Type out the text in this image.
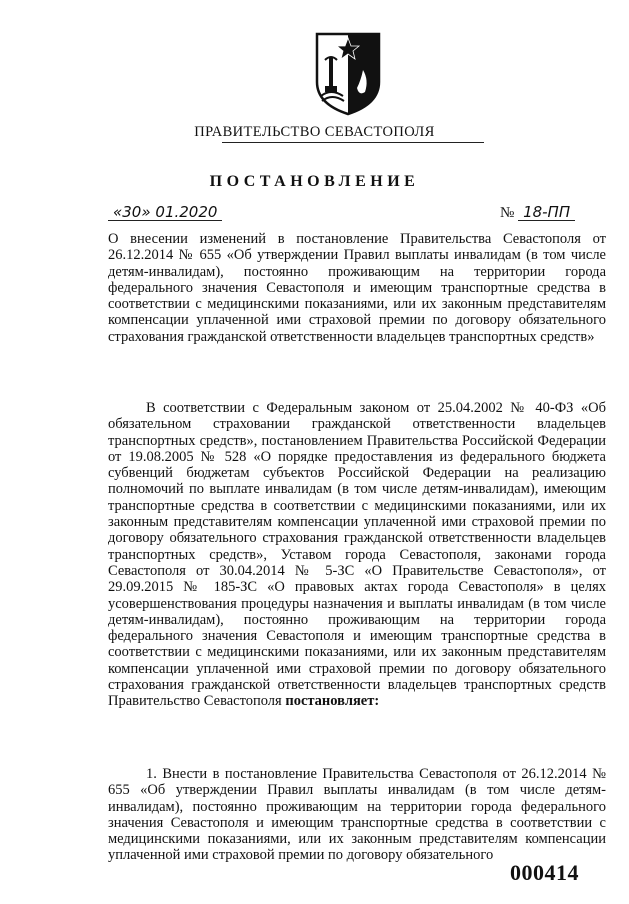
ПРАВИТЕЛЬСТВО СЕВАСТОПОЛЯ
ПОСТАНОВЛЕНИЕ
«30» 01.2020	№ 18-ПП
О внесении изменений в постановление Правительства Севастополя от 26.12.2014 № 655 «Об утверждении Правил выплаты инвалидам (в том числе детям-инвалидам), постоянно проживающим на территории города федерального значения Севастополя и имеющим транспортные средства в соответствии с медицинскими показаниями, или их законным представителям компенсации уплаченной ими страховой премии по договору обязательного страхования гражданской ответственности владельцев транспортных средств»
В соответствии с Федеральным законом от 25.04.2002 № 40-ФЗ «Об обязательном страховании гражданской ответственности владельцев транспортных средств», постановлением Правительства Российской Федерации от 19.08.2005 № 528 «О порядке предоставления из федерального бюджета субвенций бюджетам субъектов Российской Федерации на реализацию полномочий по выплате инвалидам (в том числе детям-инвалидам), имеющим транспортные средства в соответствии с медицинскими показаниями, или их законным представителям компенсации уплаченной ими страховой премии по договору обязательного страхования гражданской ответственности владельцев транспортных средств», Уставом города Севастополя, законами города Севастополя от 30.04.2014 № 5-ЗС «О Правительстве Севастополя», от 29.09.2015 № 185-ЗС «О правовых актах города Севастополя» в целях усовершенствования процедуры назначения и выплаты инвалидам (в том числе детям-инвалидам), постоянно проживающим на территории города федерального значения Севастополя и имеющим транспортные средства в соответствии с медицинскими показаниями, или их законным представителям компенсации уплаченной ими страховой премии по договору обязательного страхования гражданской ответственности владельцев транспортных средств Правительство Севастополя постановляет:
1. Внести в постановление Правительства Севастополя от 26.12.2014 № 655 «Об утверждении Правил выплаты инвалидам (в том числе детям-инвалидам), постоянно проживающим на территории города федерального значения Севастополя и имеющим транспортные средства в соответствии с медицинскими показаниями, или их законным представителям компенсации уплаченной ими страховой премии по договору обязательного
000414
